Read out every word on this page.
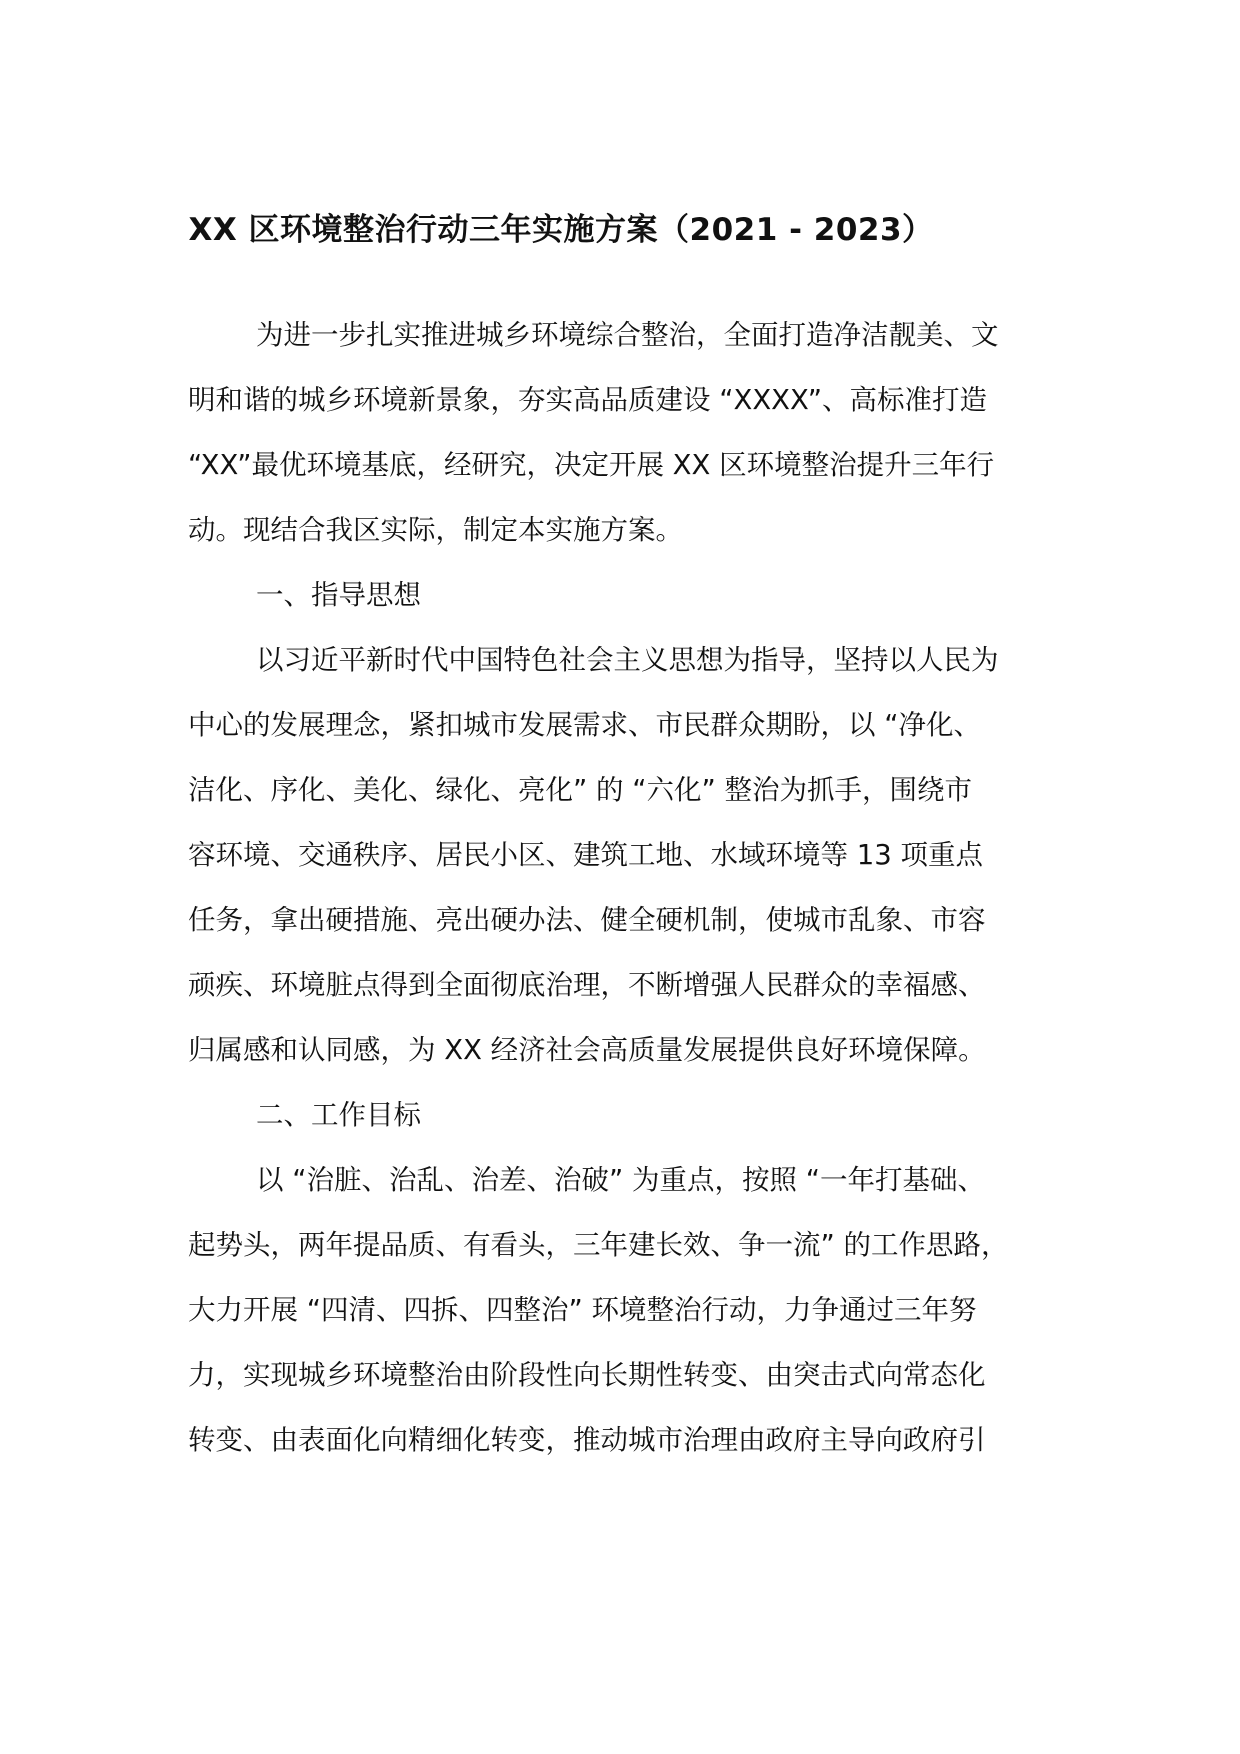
XX 区环境整治行动三年实施方案（2021 - 2023）
为进一步扎实推进城乡环境综合整治，全面打造净洁靓美、文
明和谐的城乡环境新景象，夯实高品质建设 “XXXX”、高标准打造
“XX”最优环境基底，经研究，决定开展 XX 区环境整治提升三年行
动。现结合我区实际，制定本实施方案。
一、指导思想
以习近平新时代中国特色社会主义思想为指导，坚持以人民为
中心的发展理念，紧扣城市发展需求、市民群众期盼，以 “净化、
洁化、序化、美化、绿化、亮化” 的 “六化” 整治为抓手，围绕市
容环境、交通秩序、居民小区、建筑工地、水域环境等 13 项重点
任务，拿出硬措施、亮出硬办法、健全硬机制，使城市乱象、市容
顽疾、环境脏点得到全面彻底治理，不断增强人民群众的幸福感、
归属感和认同感，为 XX 经济社会高质量发展提供良好环境保障。
二、工作目标
以 “治脏、治乱、治差、治破” 为重点，按照 “一年打基础、
起势头，两年提品质、有看头，三年建长效、争一流” 的工作思路，
大力开展 “四清、四拆、四整治” 环境整治行动，力争通过三年努
力，实现城乡环境整治由阶段性向长期性转变、由突击式向常态化
转变、由表面化向精细化转变，推动城市治理由政府主导向政府引
